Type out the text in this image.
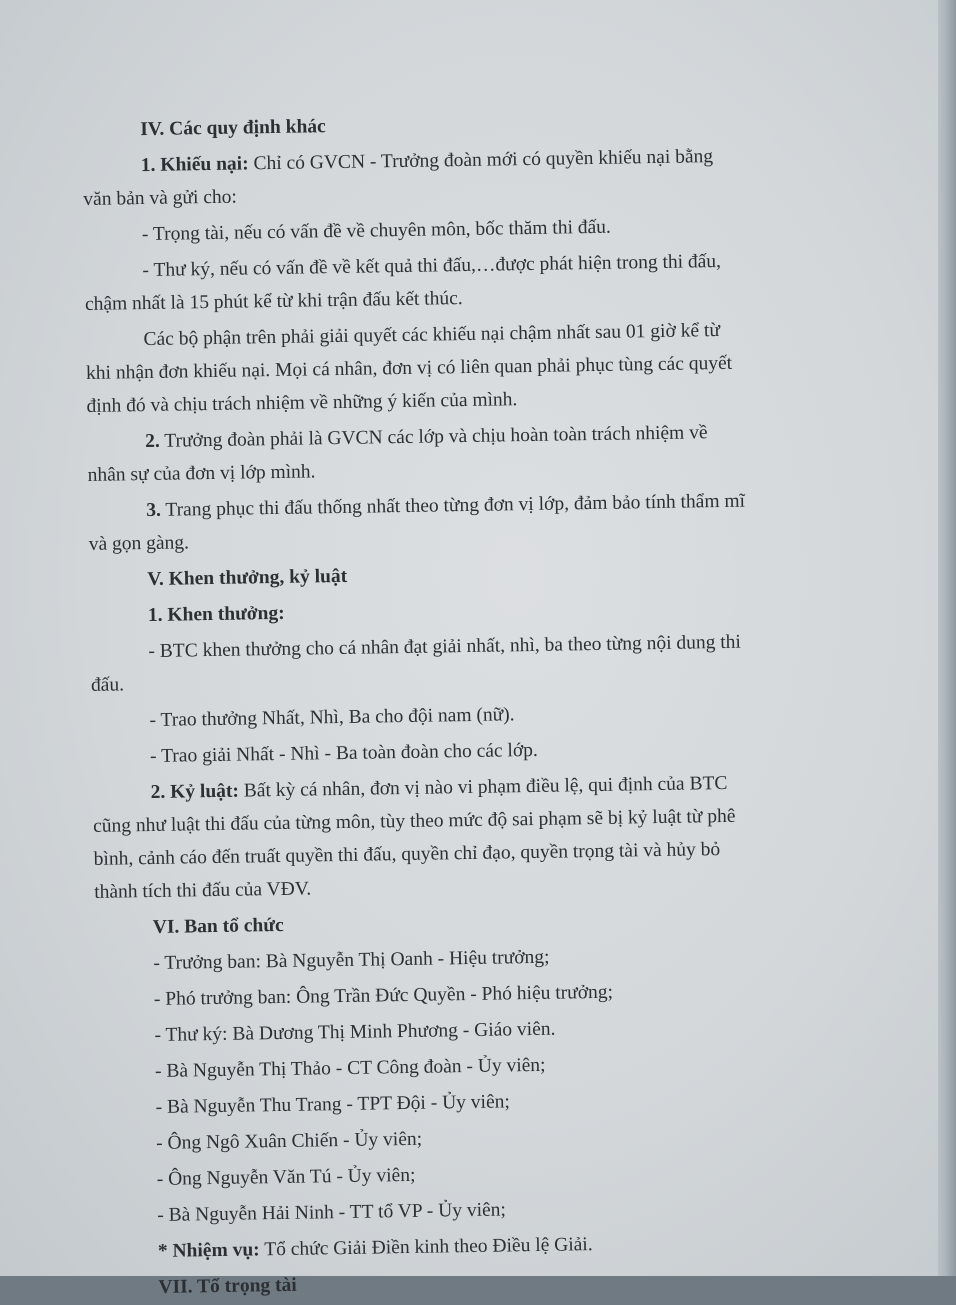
IV. Các quy định khác
1. Khiếu nại: Chỉ có GVCN - Trưởng đoàn mới có quyền khiếu nại bằng
văn bản và gửi cho:
- Trọng tài, nếu có vấn đề về chuyên môn, bốc thăm thi đấu.
- Thư ký, nếu có vấn đề về kết quả thi đấu,…được phát hiện trong thi đấu,
chậm nhất là 15 phút kể từ khi trận đấu kết thúc.
Các bộ phận trên phải giải quyết các khiếu nại chậm nhất sau 01 giờ kể từ
khi nhận đơn khiếu nại. Mọi cá nhân, đơn vị có liên quan phải phục tùng các quyết
định đó và chịu trách nhiệm về những ý kiến của mình.
2. Trưởng đoàn phải là GVCN các lớp và chịu hoàn toàn trách nhiệm về
nhân sự của đơn vị lớp mình.
3. Trang phục thi đấu thống nhất theo từng đơn vị lớp, đảm bảo tính thẩm mĩ
và gọn gàng.
V. Khen thưởng, kỷ luật
1. Khen thưởng:
- BTC khen thưởng cho cá nhân đạt giải nhất, nhì, ba theo từng nội dung thi
đấu.
- Trao thưởng Nhất, Nhì, Ba cho đội nam (nữ).
- Trao giải Nhất - Nhì - Ba toàn đoàn cho các lớp.
2. Kỷ luật: Bất kỳ cá nhân, đơn vị nào vi phạm điều lệ, qui định của BTC
cũng như luật thi đấu của từng môn, tùy theo mức độ sai phạm sẽ bị kỷ luật từ phê
bình, cảnh cáo đến truất quyền thi đấu, quyền chỉ đạo, quyền trọng tài và hủy bỏ
thành tích thi đấu của VĐV.
VI. Ban tổ chức
- Trưởng ban: Bà Nguyễn Thị Oanh - Hiệu trưởng;
- Phó trưởng ban: Ông Trần Đức Quyền - Phó hiệu trưởng;
- Thư ký: Bà Dương Thị Minh Phương - Giáo viên.
- Bà Nguyễn Thị Thảo - CT Công đoàn - Ủy viên;
- Bà Nguyễn Thu Trang - TPT Đội - Ủy viên;
- Ông Ngô Xuân Chiến - Ủy viên;
- Ông Nguyễn Văn Tú - Ủy viên;
- Bà Nguyễn Hải Ninh - TT tổ VP - Ủy viên;
* Nhiệm vụ: Tổ chức Giải Điền kinh theo Điều lệ Giải.
VII. Tổ trọng tài
